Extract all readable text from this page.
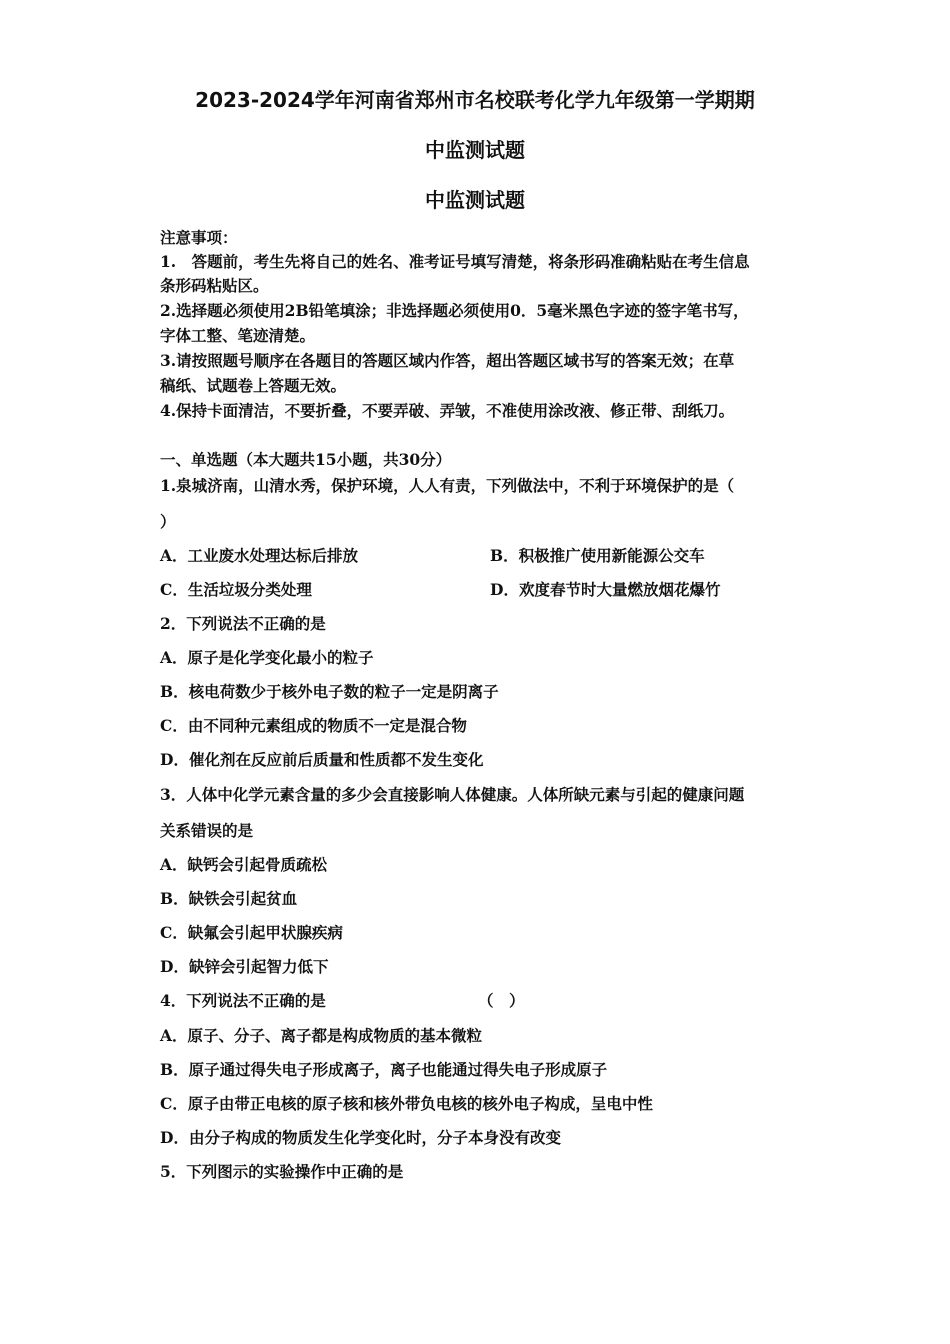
2023-2024学年河南省郑州市名校联考化学九年级第一学期期
中监测试题
中监测试题
注意事项：
1.　答题前，考生先将自己的姓名、准考证号填写清楚，将条形码准确粘贴在考生信息
条形码粘贴区。
2.选择题必须使用2B铅笔填涂；非选择题必须使用0．5毫米黑色字迹的签字笔书写，
字体工整、笔迹清楚。
3.请按照题号顺序在各题目的答题区域内作答，超出答题区域书写的答案无效；在草
稿纸、试题卷上答题无效。
4.保持卡面清洁，不要折叠，不要弄破、弄皱，不准使用涂改液、修正带、刮纸刀。
一、单选题（本大题共15小题，共30分）
1.泉城济南，山清水秀，保护环境，人人有责，下列做法中，不利于环境保护的是（
）
A．工业废水处理达标后排放	B．积极推广使用新能源公交车
C．生活垃圾分类处理	D．欢度春节时大量燃放烟花爆竹
2．下列说法不正确的是
A．原子是化学变化最小的粒子
B．核电荷数少于核外电子数的粒子一定是阴离子
C．由不同种元素组成的物质不一定是混合物
D．催化剂在反应前后质量和性质都不发生变化
3．人体中化学元素含量的多少会直接影响人体健康。人体所缺元素与引起的健康问题
关系错误的是
A．缺钙会引起骨质疏松
B．缺铁会引起贫血
C．缺氟会引起甲状腺疾病
D．缺锌会引起智力低下
4．下列说法不正确的是	（　）
A．原子、分子、离子都是构成物质的基本微粒
B．原子通过得失电子形成离子，离子也能通过得失电子形成原子
C．原子由带正电核的原子核和核外带负电核的核外电子构成，呈电中性
D．由分子构成的物质发生化学变化时，分子本身没有改变
5．下列图示的实验操作中正确的是
